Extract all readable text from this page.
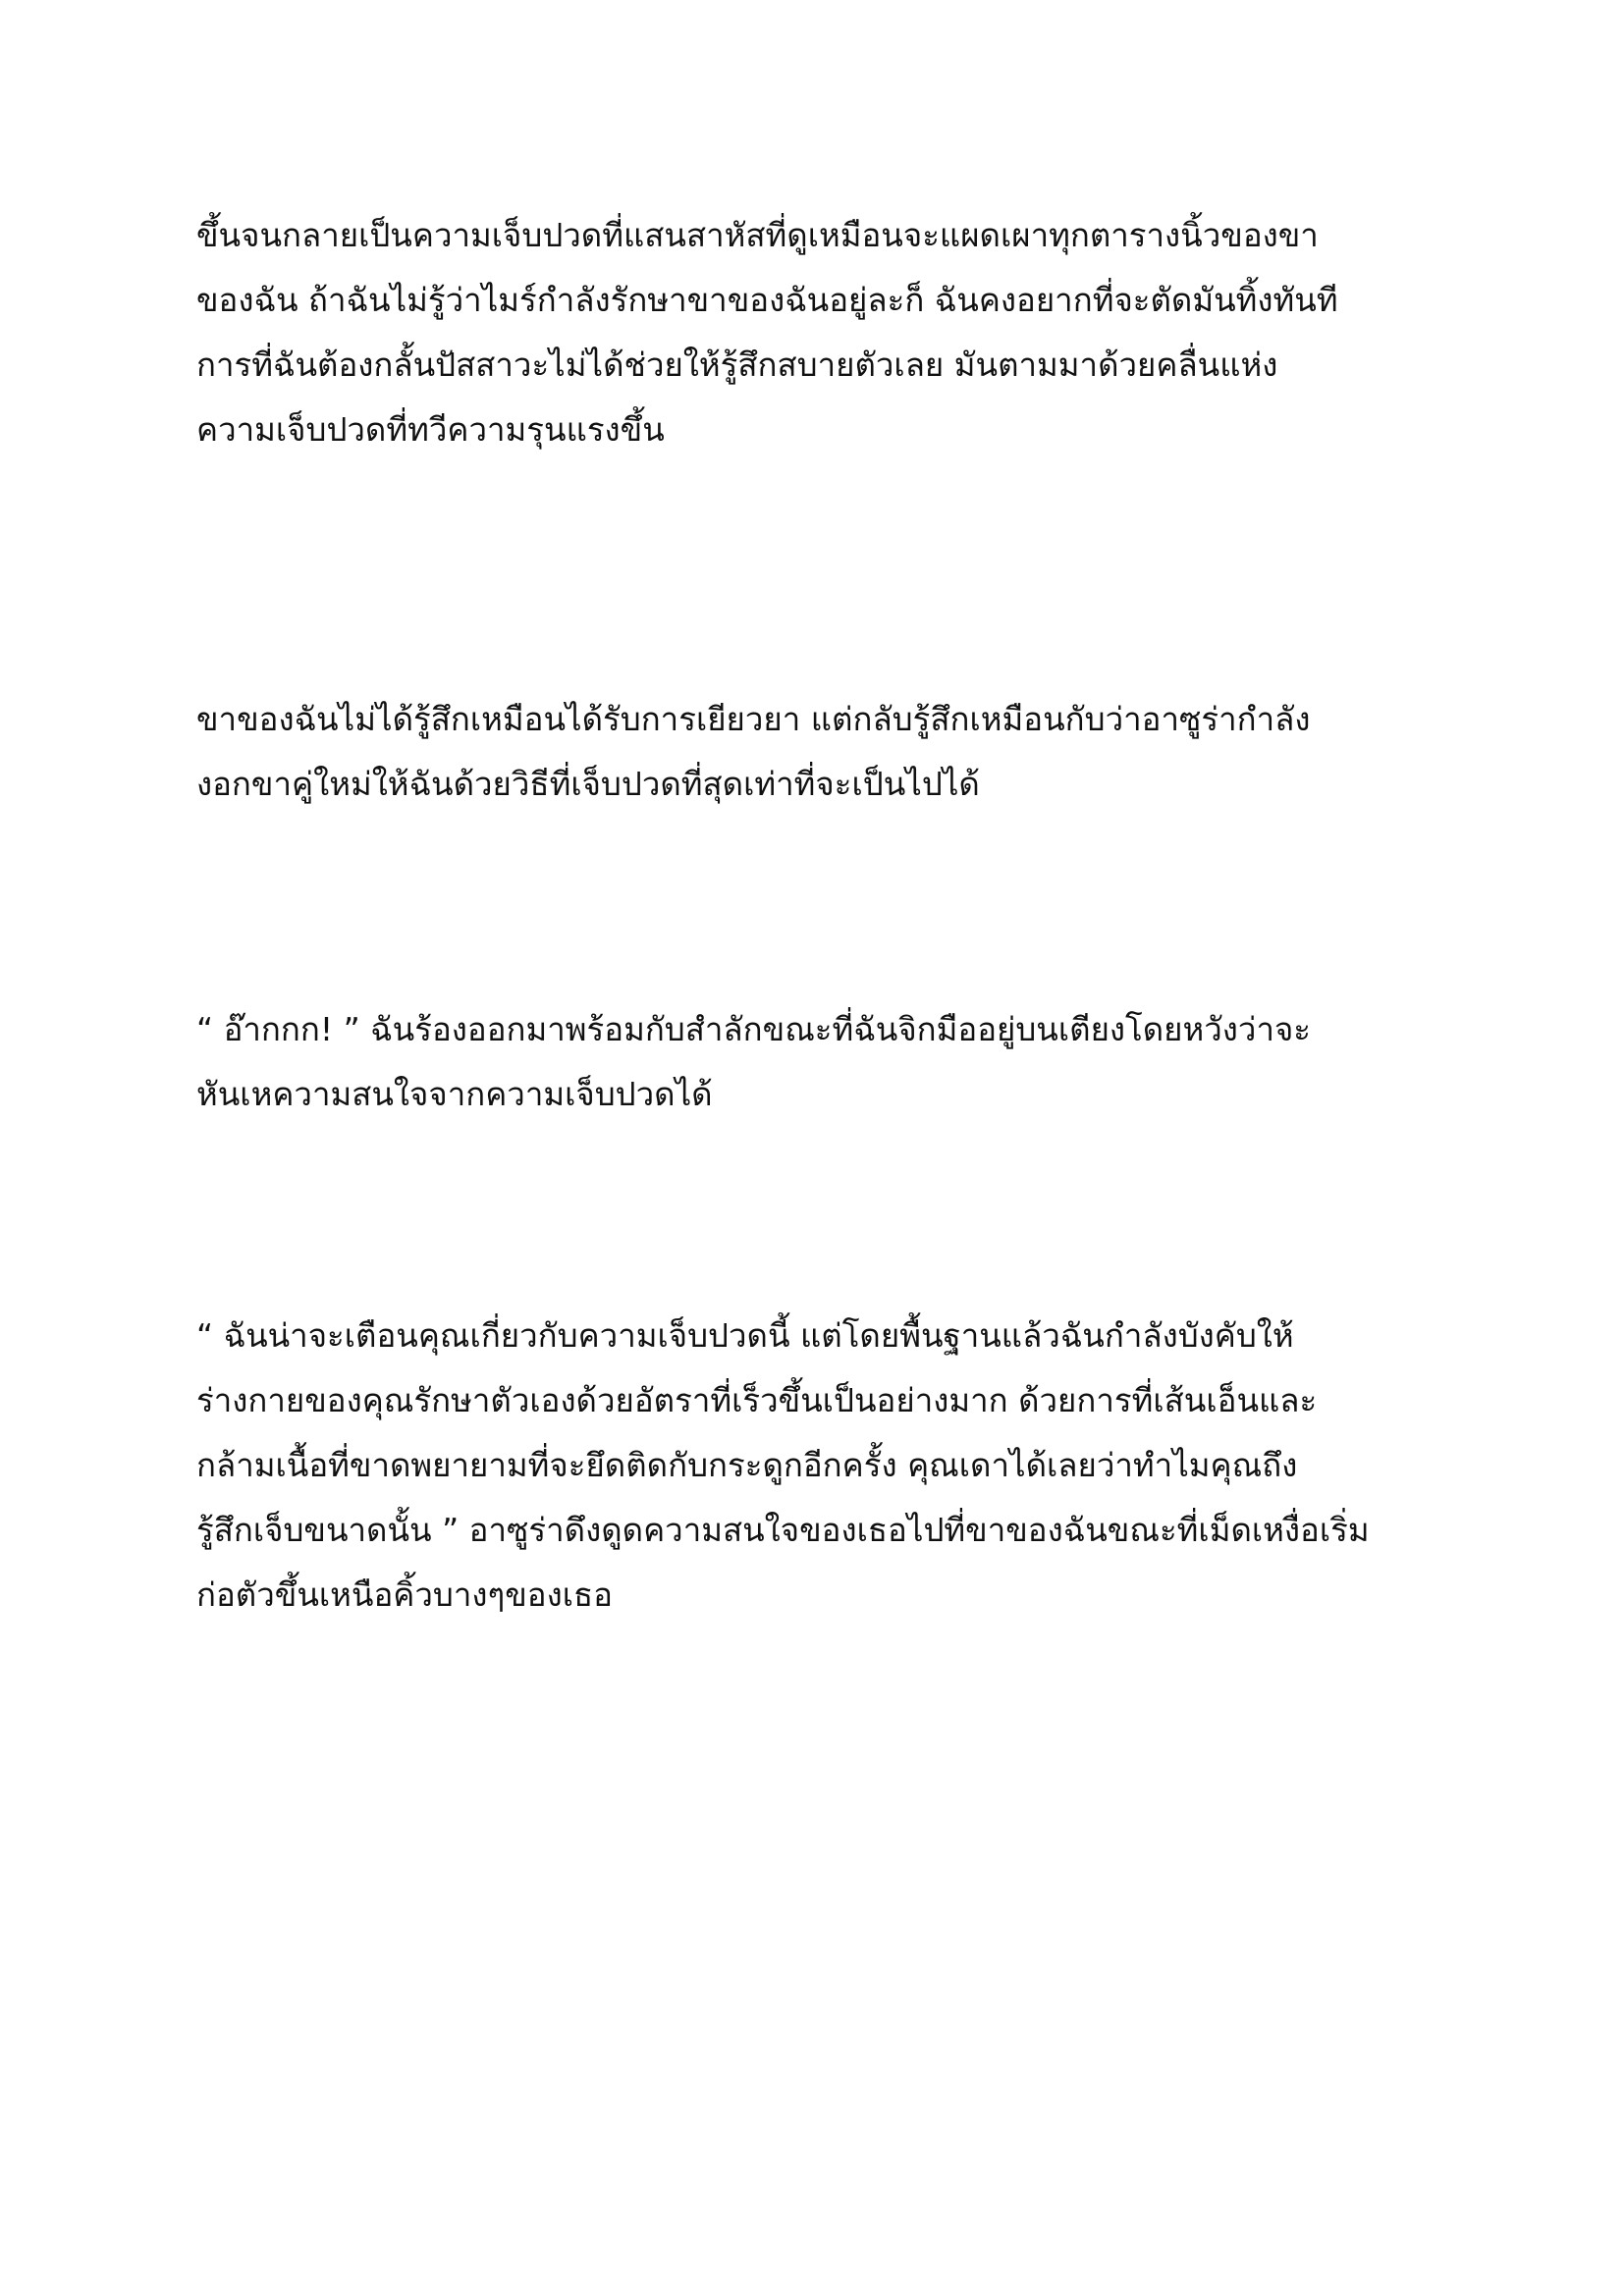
ขึ้นจนกลายเป็นความเจ็บปวดที่แสนสาหัสที่ดูเหมือนจะแผดเผาทุกตารางนิ้วของขา
ของฉัน ถ้าฉันไม่รู้ว่าไมร์กำลังรักษาขาของฉันอยู่ละก็ ฉันคงอยากที่จะตัดมันทิ้งทันที
การที่ฉันต้องกลั้นปัสสาวะไม่ได้ช่วยให้รู้สึกสบายตัวเลย มันตามมาด้วยคลื่นแห่ง
ความเจ็บปวดที่ทวีความรุนแรงขึ้น
ขาของฉันไม่ได้รู้สึกเหมือนได้รับการเยียวยา แต่กลับรู้สึกเหมือนกับว่าอาซูร่ากำลัง
งอกขาคู่ใหม่ให้ฉันด้วยวิธีที่เจ็บปวดที่สุดเท่าที่จะเป็นไปได้
“ อ๊ากกก! ” ฉันร้องออกมาพร้อมกับสำลักขณะที่ฉันจิกมืออยู่บนเตียงโดยหวังว่าจะ
หันเหความสนใจจากความเจ็บปวดได้
“ ฉันน่าจะเตือนคุณเกี่ยวกับความเจ็บปวดนี้ แต่โดยพื้นฐานแล้วฉันกำลังบังคับให้
ร่างกายของคุณรักษาตัวเองด้วยอัตราที่เร็วขึ้นเป็นอย่างมาก ด้วยการที่เส้นเอ็นและ
กล้ามเนื้อที่ขาดพยายามที่จะยึดติดกับกระดูกอีกครั้ง คุณเดาได้เลยว่าทำไมคุณถึง
รู้สึกเจ็บขนาดนั้น ” อาซูร่าดึงดูดความสนใจของเธอไปที่ขาของฉันขณะที่เม็ดเหงื่อเริ่ม
ก่อตัวขึ้นเหนือคิ้วบางๆของเธอ
